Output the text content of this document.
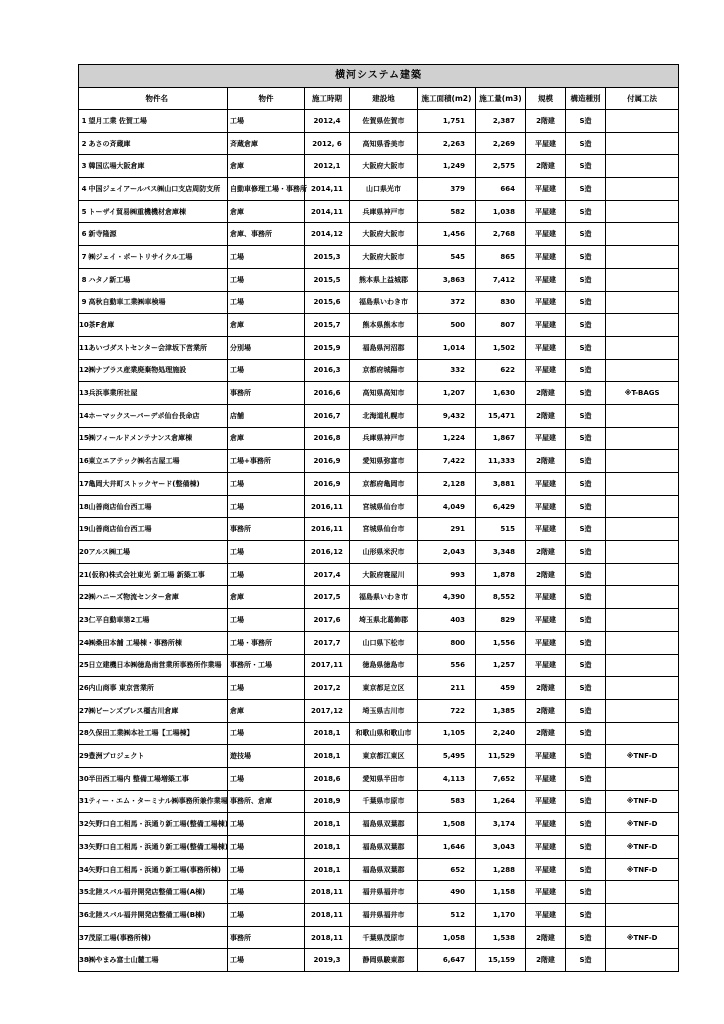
横河システム建築									
	物件名	物件	施工時期	建設地	施工面積(m2)	施工量(m3)	規模	構造種別	付属工法
1	望月工業 佐賀工場	工場	2012,4	佐賀県佐賀市	1,751	2,387	2階建	S造	
2	あさの斉蔵庫	斉蔵倉庫	2012, 6	高知県香美市	2,263	2,269	平屋建	S造	
3	韓国広場大阪倉庫	倉庫	2012,1	大阪府大阪市	1,249	2,575	2階建	S造	
4	中国ジェイアールバス㈱山口支店周防支所	自動車修理工場・事務所	2014,11	山口県光市	379	664	平屋建	S造	
5	トーザイ貿易㈱重機機材倉庫棟	倉庫	2014,11	兵庫県神戸市	582	1,038	平屋建	S造	
6	新寺隆源	倉庫、事務所	2014,12	大阪府大阪市	1,456	2,768	平屋建	S造	
7	㈱ジェイ・ポートリサイクル工場	工場	2015,3	大阪府大阪市	545	865	平屋建	S造	
8	ハタノ新工場	工場	2015,5	熊本県上益城郡	3,863	7,412	平屋建	S造	
9	高秋自動車工業㈱車検場	工場	2015,6	福島県いわき市	372	830	平屋建	S造	
10	茶F倉庫	倉庫	2015,7	熊本県熊本市	500	807	平屋建	S造	
11	あいづダストセンター会津坂下営業所	分別場	2015,9	福島県河沼郡	1,014	1,502	平屋建	S造	
12	㈱ナプラス産業廃棄物処理施設	工場	2016,3	京都府城陽市	332	622	平屋建	S造	
13	兵浜事業所社屋	事務所	2016,6	高知県高知市	1,207	1,630	2階建	S造	※T-BAGS
14	ホーマックスーパーデポ仙台長命店	店舗	2016,7	北海道札幌市	9,432	15,471	2階建	S造	
15	㈱フィールドメンテナンス倉庫棟	倉庫	2016,8	兵庫県神戸市	1,224	1,867	平屋建	S造	
16	東立エアテック㈱名古屋工場	工場+事務所	2016,9	愛知県弥富市	7,422	11,333	2階建	S造	
17	亀岡大井町ストックヤード(整備棟)	工場	2016,9	京都府亀岡市	2,128	3,881	平屋建	S造	
18	山善商店仙台西工場	工場	2016,11	宮城県仙台市	4,049	6,429	平屋建	S造	
19	山善商店仙台西工場	事務所	2016,11	宮城県仙台市	291	515	平屋建	S造	
20	アルス㈱工場	工場	2016,12	山形県米沢市	2,043	3,348	2階建	S造	
21	(仮称)株式会社東光 新工場 新築工事	工場	2017,4	大阪府寝屋川	993	1,878	2階建	S造	
22	㈱ハニーズ物流センター倉庫	倉庫	2017,5	福島県いわき市	4,390	8,552	平屋建	S造	
23	仁平自動車第2工場	工場	2017,6	埼玉県北葛飾郡	403	829	平屋建	S造	
24	㈱桑田本舗 工場棟・事務所棟	工場・事務所	2017,7	山口県下松市	800	1,556	平屋建	S造	
25	日立建機日本㈱徳島南営業所事務所作業場	事務所・工場	2017,11	徳島県徳島市	556	1,257	平屋建	S造	
26	内山商事 東京営業所	工場	2017,2	東京都足立区	211	459	2階建	S造	
27	㈱ビーンズプレス橿古川倉庫	倉庫	2017,12	埼玉県古川市	722	1,385	2階建	S造	
28	久保田工業㈱本社工場【工場棟】	工場	2018,1	和歌山県和歌山市	1,105	2,240	2階建	S造	
29	豊洲プロジェクト	遊技場	2018,1	東京都江東区	5,495	11,529	平屋建	S造	※TNF-D
30	半田西工場内 整備工場増築工事	工場	2018,6	愛知県半田市	4,113	7,652	平屋建	S造	
31	ティー・エム・ターミナル㈱事務所兼作業場	事務所、倉庫	2018,9	千葉県市原市	583	1,264	平屋建	S造	※TNF-D
32	矢野口自工相馬・浜通り新工場(整備工場棟)	工場	2018,1	福島県双葉郡	1,508	3,174	平屋建	S造	※TNF-D
33	矢野口自工相馬・浜通り新工場(整備工場棟)	工場	2018,1	福島県双葉郡	1,646	3,043	平屋建	S造	※TNF-D
34	矢野口自工相馬・浜通り新工場(事務所棟)	工場	2018,1	福島県双葉郡	652	1,288	平屋建	S造	※TNF-D
35	北陸スバル福井開発店整備工場(A棟)	工場	2018,11	福井県福井市	490	1,158	平屋建	S造	
36	北陸スバル福井開発店整備工場(B棟)	工場	2018,11	福井県福井市	512	1,170	平屋建	S造	
37	茂原工場(事務所棟)	事務所	2018,11	千葉県茂原市	1,058	1,538	2階建	S造	※TNF-D
38	㈱やまみ富士山麓工場	工場	2019,3	静岡県駿東郡	6,647	15,159	2階建	S造	
